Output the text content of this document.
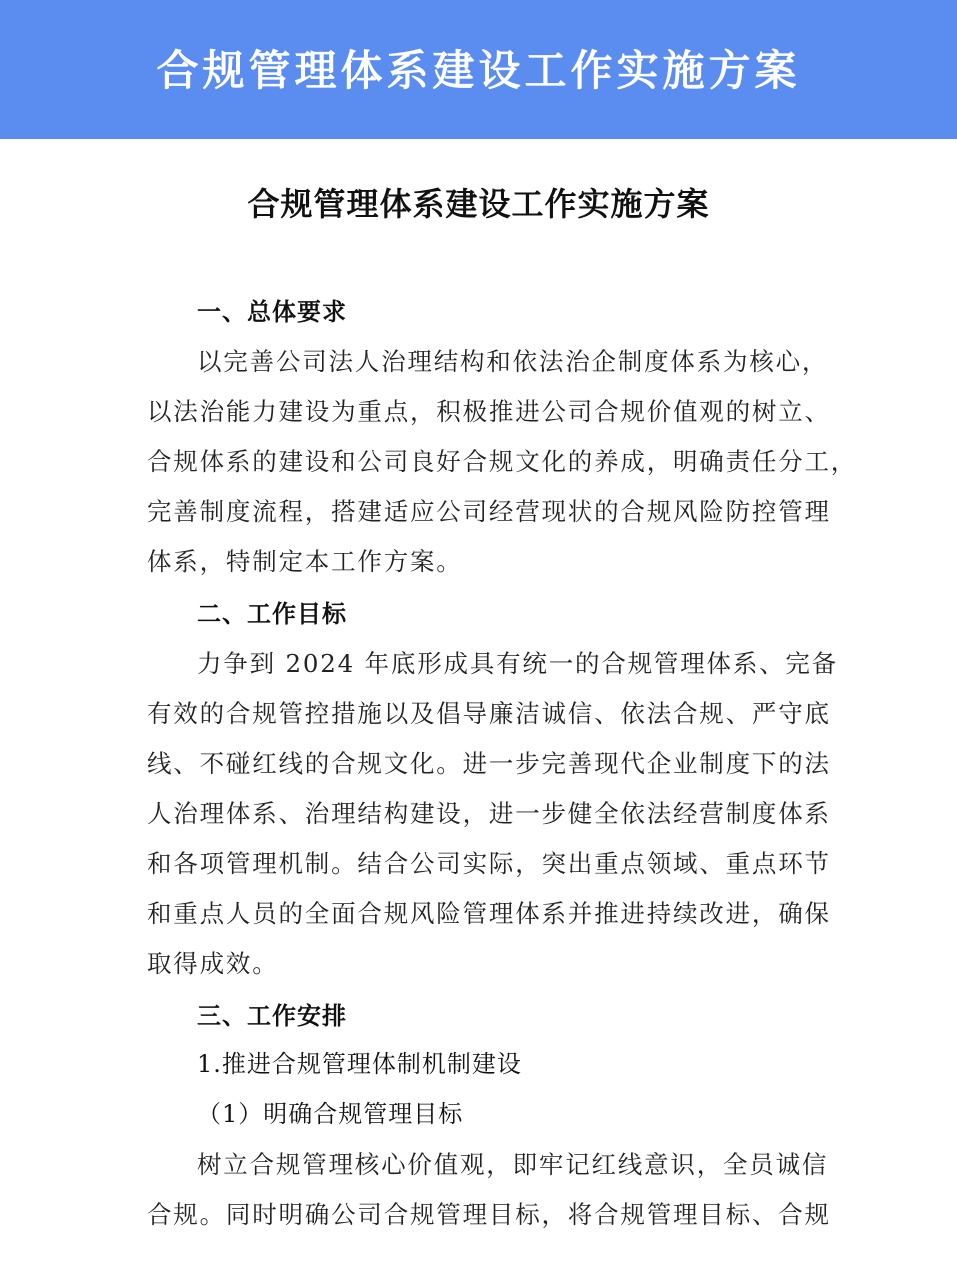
合规管理体系建设工作实施方案
合规管理体系建设工作实施方案
一、总体要求
以完善公司法人治理结构和依法治企制度体系为核心，
以法治能力建设为重点，积极推进公司合规价值观的树立、
合规体系的建设和公司良好合规文化的养成，明确责任分工，
完善制度流程，搭建适应公司经营现状的合规风险防控管理
体系，特制定本工作方案。
二、工作目标
力争到 2024 年底形成具有统一的合规管理体系、完备
有效的合规管控措施以及倡导廉洁诚信、依法合规、严守底
线、不碰红线的合规文化。进一步完善现代企业制度下的法
人治理体系、治理结构建设，进一步健全依法经营制度体系
和各项管理机制。结合公司实际，突出重点领域、重点环节
和重点人员的全面合规风险管理体系并推进持续改进，确保
取得成效。
三、工作安排
1.推进合规管理体制机制建设
（1）明确合规管理目标
树立合规管理核心价值观，即牢记红线意识，全员诚信
合规。同时明确公司合规管理目标，将合规管理目标、合规
